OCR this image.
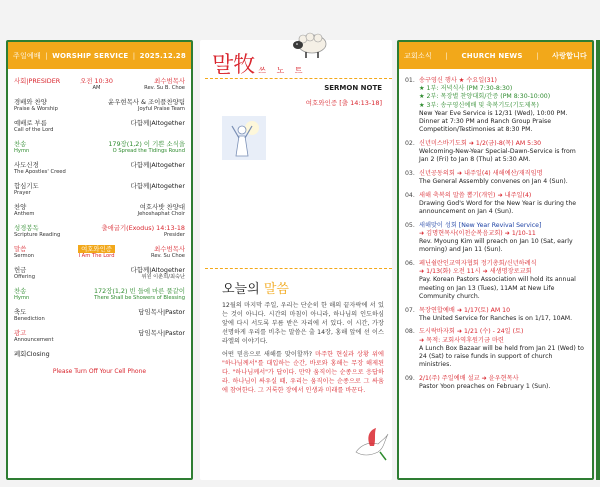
주일예배 | WORSHIP SERVICE | 2025.12.28
사회|PRESIDER	오전 10:30
AM
최수범목사
Rev. Su B. Choe
경배와 찬양
Praise & Worship
윤우현목사 & 조이플찬양팀
Joyful Praise Team
예배로 부름
Call of the Lord
다함께|Altogether
찬송
Hymn
179장(1,2) 이 기쁜 소식을
O Spread the Tidings Round
사도신경
The Apostles' Creed
다함께|Altogether
합심기도
Prayer
다함께|Altogether
찬양
Anthem
여호사밧 찬양대
Jehoshaphat Choir
성경봉독
Scripture Reading
출애굽기(Exodus) 14:13-18
Presider
말씀
Sermon
여호와인증
I Am The Lord
최수범목사
Rev. Su Choe
헌금
Offering
다함께|Altogether
위원 이춘희/최숙난
찬송
Hymn
172장(1,2) 빈 들에 마른 풀같이
There Shall be Showers of Blessing
축도
Benediction
담임목사|Pastor
광고
Announcement
담임목사|Pastor
폐회Closing
Please Turn Off Your Cell Phone
말牧 쓰 노 트
SERMON NOTE
여호와인증 [출 14:13-18]
오늘의 말씀

12월의 마지막 주일, 우리는 단순히 한 해의 끝자락에 서 있는 것이 아니다. 시간의 마침이 아니라, 하나님의 인도하심 앞에 다시 서도록 부름 받은 자리에 서 있다. 이 시간, 가장 선명하게 우리를 비추는 말씀은 출 14장, 홍해 앞에 선 이스라엘의 이야기다.

어떤 믿음으로 새해를 맞이할까? 마주한 현실과 상황 위에 "하나님께서"를 대입하는 순간, 바로와 홍해는 무장 해제된다. "하나님께서"가 답이다. 만약 움직이는 순종으로 응답하라. 하나님이 싸우실 때, 우리는 움직이는 순종으로 그 싸움에 참여한다. 그 거룩한 장에서 인생과 미래를 바꾼다.

교회소식 | CHURCH NEWS | 사랑합니다
01. 송구영신 행사 ★ 수요일(31)
★ 1부: 저녁식사 (PM 7:30-8:30)
★ 2부: 목장별 찬양대회/간증 (PM 8:30-10:00)
★ 3부: 송구영신예배 및 축복기도(기도제목)
New Year Eve Service is 12/31 (Wed), 10:00 PM. Dinner at 7:30 PM and Ranch Group Praise Competition/Testimonies at 8:30 PM.
02. 신년미스바기도회 ➜ 1/2(금)-8(목) AM 5:30
Welcoming-New-Year Special-Dawn-Service is from Jan 2 (Fri) to Jan 8 (Thu) at 5:30 AM.
03. 신년공동의회 ➜ 내주일(4) 새해예산/재직임명
The General Assembly convenes on Jan 4 (Sun).
04. 새해 축복의 말씀 뽑기(개인) ➜ 내주일(4)
Drawing God's Word for the New Year is during the announcement on Jan 4 (Sun).
05. 새해맞이 성회 [New Year Revival Service]
➜ 김명현목사(이천순복음교회) ➜ 1/10-11
Rev. Myoung Kim will preach on Jan 10 (Sat, early morning) and Jan 11 (Sun).
06. 페닌쉴란인교역자협회 정기총회/신년하례식
➜ 1/13(화) 오전 11시 ➜ 새생명장로교회
Pay. Korean Pastors Association will hold its annual meeting on Jan 13 (Tues), 11AM at New Life Community church.
07. 목장연합예배 ➜ 1/17(토) AM 10
The United Service for Ranches is on 1/17, 10AM.
08. 도시락바자회 ➜ 1/21 (수) - 24일 (토)
➜ 목적: 교회사역후원기금 마련
A Lunch Box Bazaar will be held from Jan 21 (Wed) to 24 (Sat) to raise funds in support of church ministries.
09. 2/1(주) 주일예배 설교 ➜ 윤우현목사
Pastor Yoon preaches on February 1 (Sun).
